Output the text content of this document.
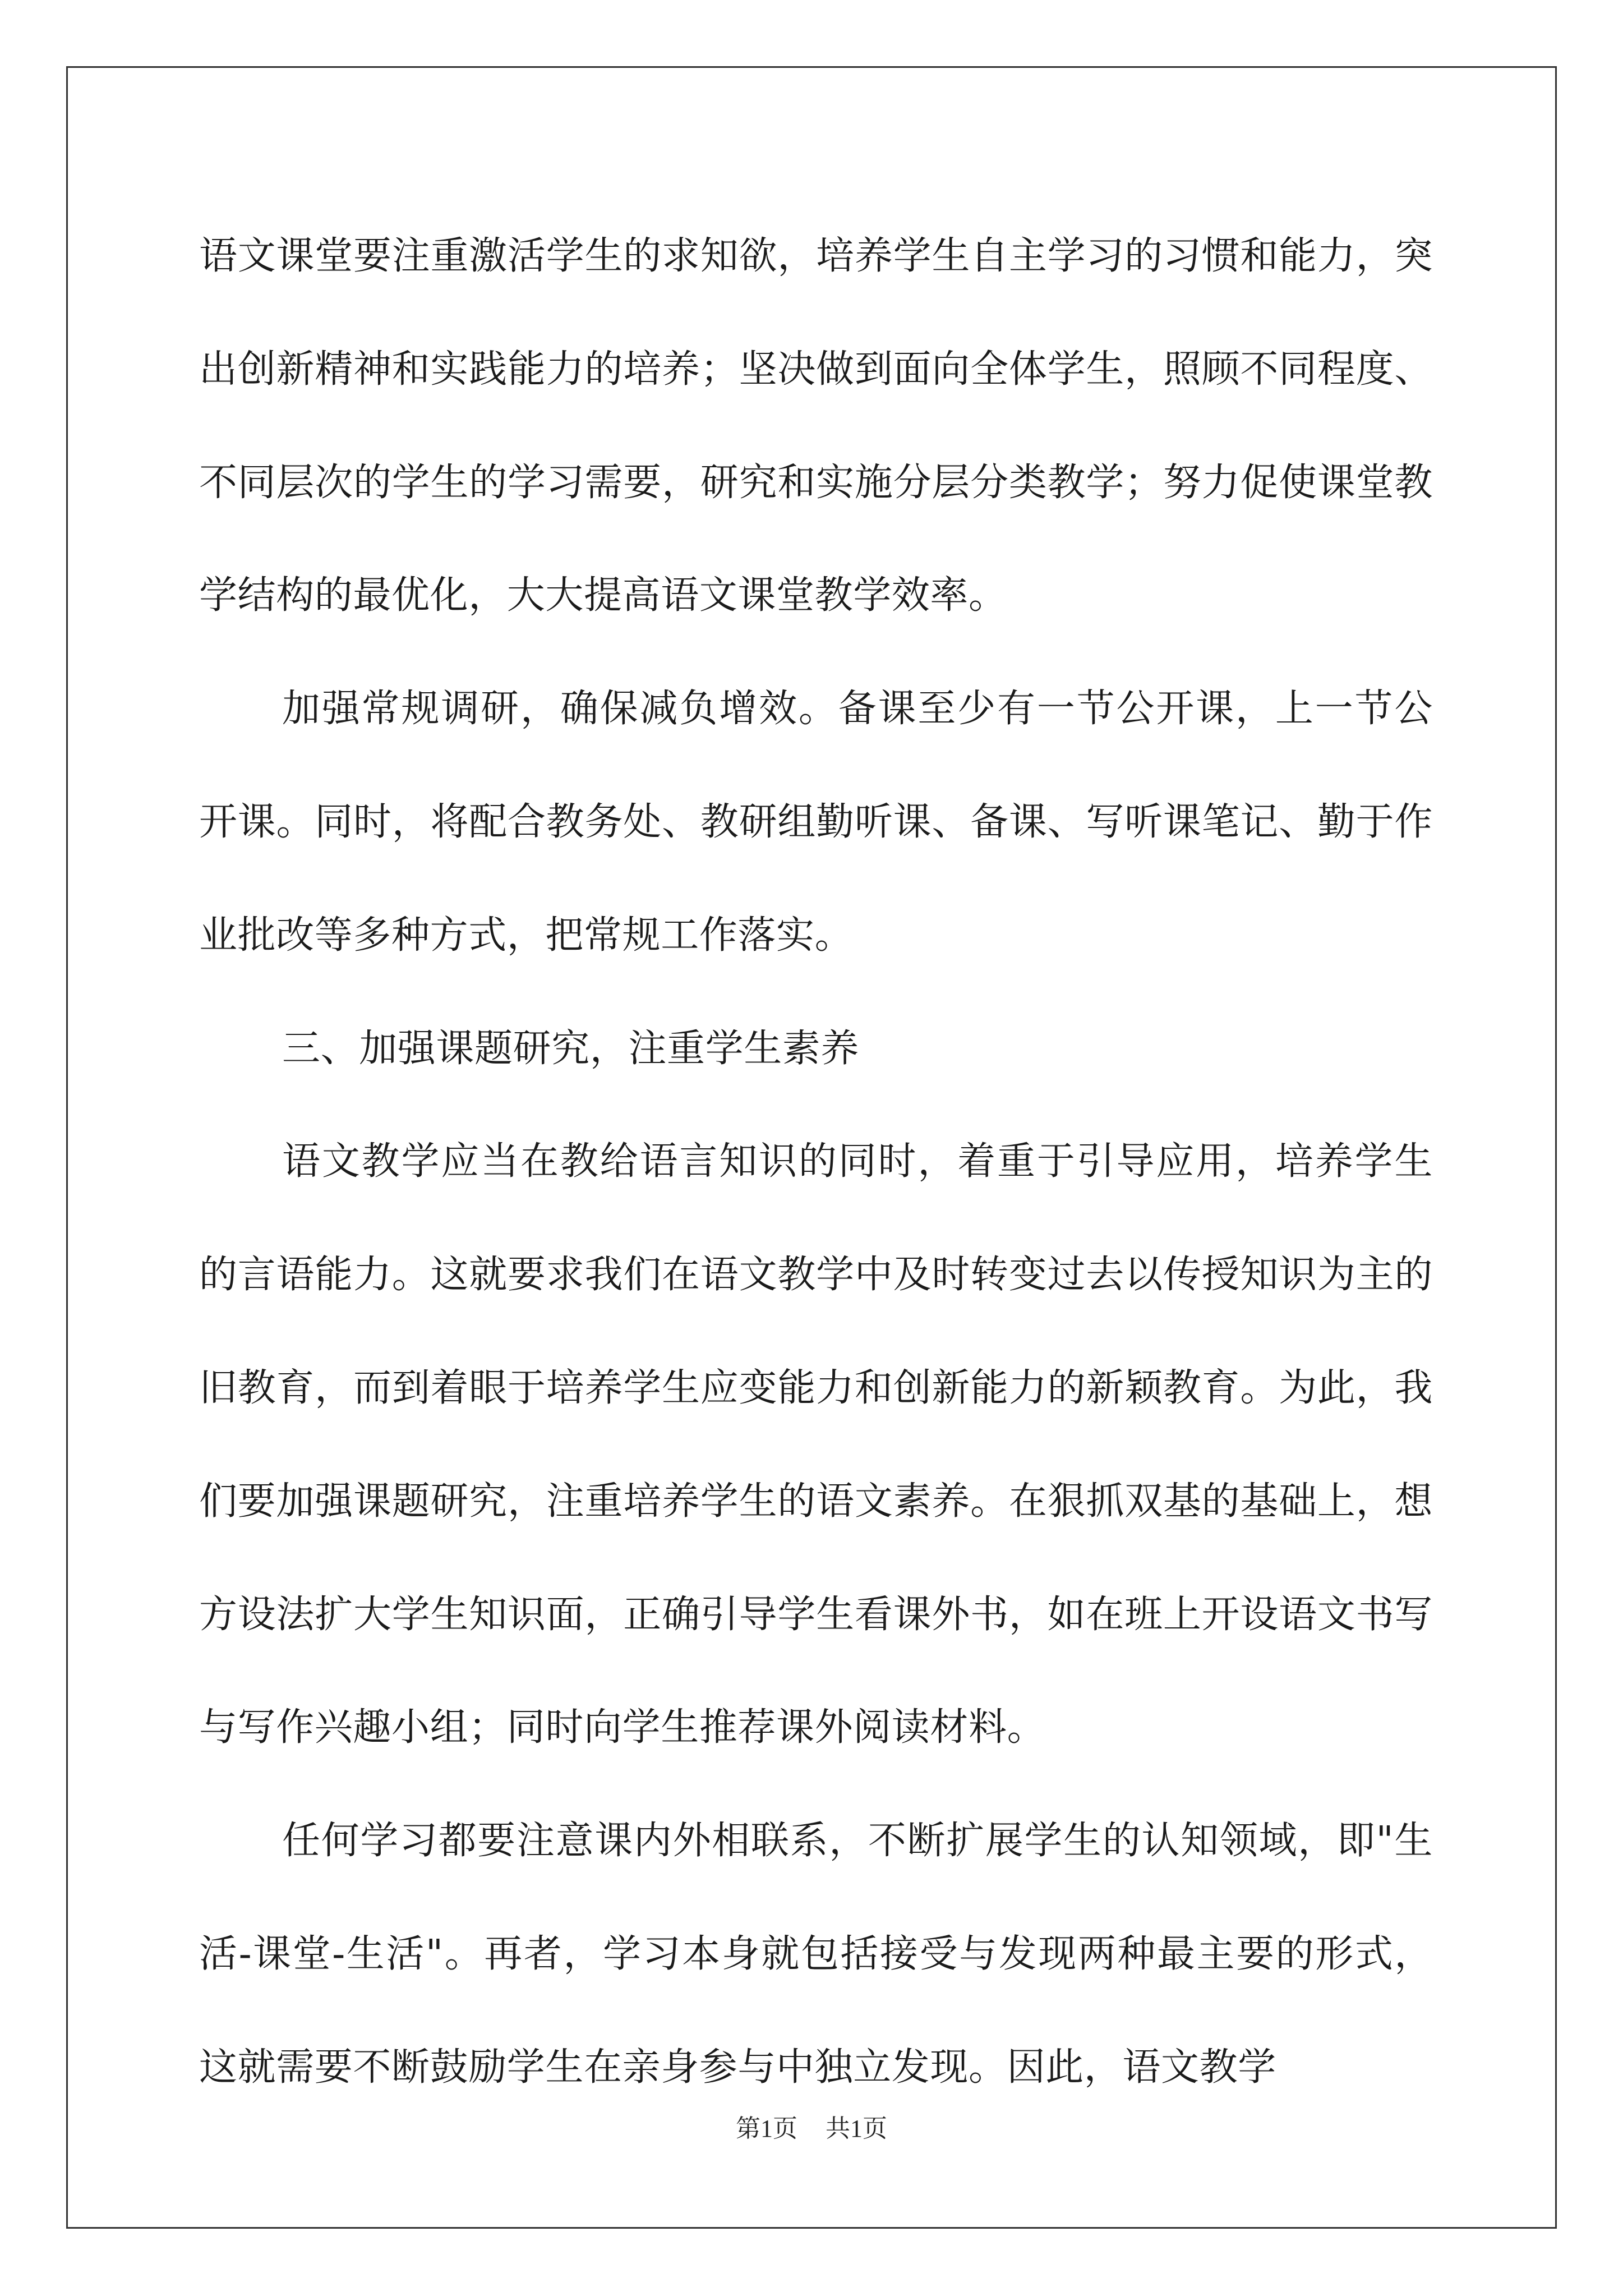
语文课堂要注重激活学生的求知欲，培养学生自主学习的习惯和能力，突出创新精神和实践能力的培养；坚决做到面向全体学生，照顾不同程度、不同层次的学生的学习需要，研究和实施分层分类教学；努力促使课堂教学结构的最优化，大大提高语文课堂教学效率。

加强常规调研，确保减负增效。备课至少有一节公开课，上一节公开课。同时，将配合教务处、教研组勤听课、备课、写听课笔记、勤于作业批改等多种方式，把常规工作落实。

三、加强课题研究，注重学生素养

语文教学应当在教给语言知识的同时，着重于引导应用，培养学生的言语能力。这就要求我们在语文教学中及时转变过去以传授知识为主的旧教育，而到着眼于培养学生应变能力和创新能力的新颖教育。为此，我们要加强课题研究，注重培养学生的语文素养。在狠抓双基的基础上，想方设法扩大学生知识面，正确引导学生看课外书，如在班上开设语文书写与写作兴趣小组；同时向学生推荐课外阅读材料。

任何学习都要注意课内外相联系，不断扩展学生的认知领域，即"生活-课堂-生活"。再者，学习本身就包括接受与发现两种最主要的形式，这就需要不断鼓励学生在亲身参与中独立发现。因此，语文教学

第1页 共1页
